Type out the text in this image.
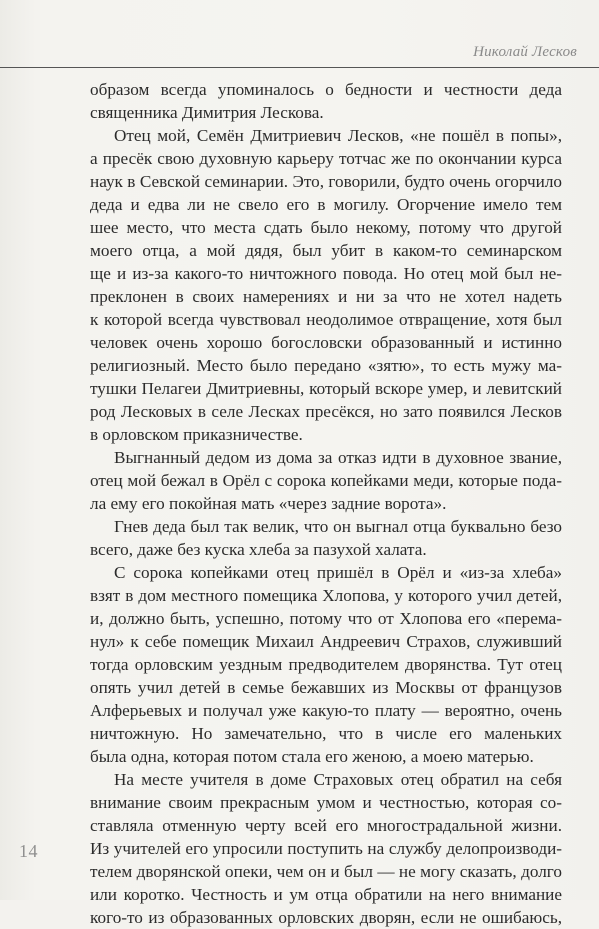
Николай Лесков
образом всегда упоминалось о бедности и честности деда
священника Димитрия Лескова.
Отец мой, Семён Дмитриевич Лесков, «не пошёл в попы»,
а пресёк свою духовную карьеру тотчас же по окончании курса
наук в Севской семинарии. Это, говорили, будто очень огорчило
деда и едва ли не свело его в могилу. Огорчение имело тем
шее место, что места сдать было некому, потому что другой
моего отца, а мой дядя, был убит в каком-то семинарском
ще и из-за какого-то ничтожного повода. Но отец мой был не-
преклонен в своих намерениях и ни за что не хотел надеть
к которой всегда чувствовал неодолимое отвращение, хотя был
человек очень хорошо богословски образованный и истинно
религиозный. Место было передано «зятю», то есть мужу ма-
тушки Пелагеи Дмитриевны, который вскоре умер, и левитский
род Лесковых в селе Лесках пресёкся, но зато появился Лесков
в орловском приказничестве.
Выгнанный дедом из дома за отказ идти в духовное звание,
отец мой бежал в Орёл с сорока копейками меди, которые пода-
ла ему его покойная мать «через задние ворота».
Гнев деда был так велик, что он выгнал отца буквально безо
всего, даже без куска хлеба за пазухой халата.
С сорока копейками отец пришёл в Орёл и «из-за хлеба»
взят в дом местного помещика Хлопова, у которого учил детей,
и, должно быть, успешно, потому что от Хлопова его «перема-
нул» к себе помещик Михаил Андреевич Страхов, служивший
тогда орловским уездным предводителем дворянства. Тут отец
опять учил детей в семье бежавших из Москвы от французов
Алферьевых и получал уже какую-то плату — вероятно, очень
ничтожную. Но замечательно, что в числе его маленьких
была одна, которая потом стала его женою, а моею матерью.
На месте учителя в доме Страховых отец обратил на себя
внимание своим прекрасным умом и честностью, которая со-
ставляла отменную черту всей его многострадальной жизни.
Из учителей его упросили поступить на службу делопроизводи-
телем дворянской опеки, чем он и был — не могу сказать, долго
или коротко. Честность и ум отца обратили на него внимание
кого-то из образованных орловских дворян, если не ошибаюсь,
14
